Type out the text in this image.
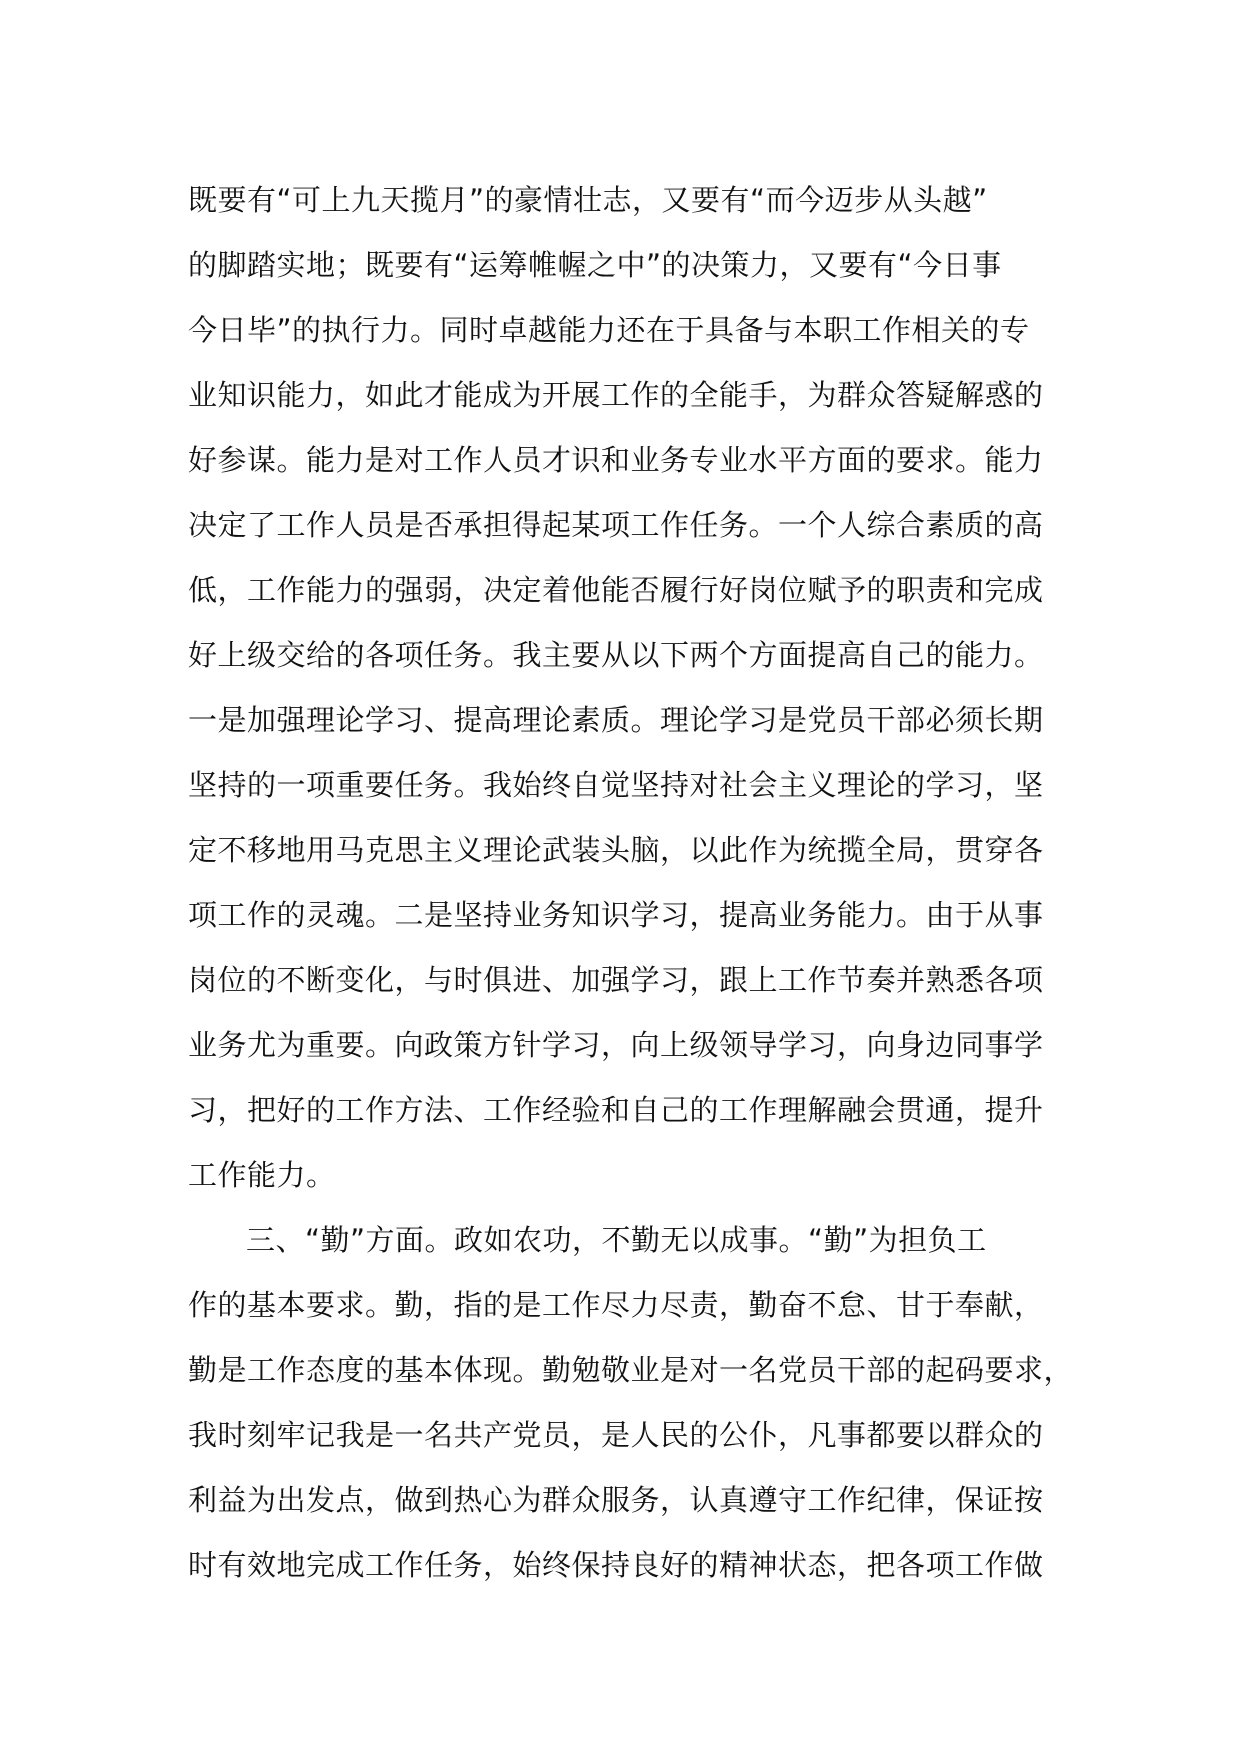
既要有“可上九天揽月”的豪情壮志，又要有“而今迈步从头越”
的脚踏实地；既要有“运筹帷幄之中”的决策力，又要有“今日事
今日毕”的执行力。同时卓越能力还在于具备与本职工作相关的专
业知识能力，如此才能成为开展工作的全能手，为群众答疑解惑的
好参谋。能力是对工作人员才识和业务专业水平方面的要求。能力
决定了工作人员是否承担得起某项工作任务。一个人综合素质的高
低，工作能力的强弱，决定着他能否履行好岗位赋予的职责和完成
好上级交给的各项任务。我主要从以下两个方面提高自己的能力。
一是加强理论学习、提高理论素质。理论学习是党员干部必须长期
坚持的一项重要任务。我始终自觉坚持对社会主义理论的学习，坚
定不移地用马克思主义理论武装头脑，以此作为统揽全局，贯穿各
项工作的灵魂。二是坚持业务知识学习，提高业务能力。由于从事
岗位的不断变化，与时俱进、加强学习，跟上工作节奏并熟悉各项
业务尤为重要。向政策方针学习，向上级领导学习，向身边同事学
习，把好的工作方法、工作经验和自己的工作理解融会贯通，提升
工作能力。
三、“勤”方面。政如农功，不勤无以成事。“勤”为担负工
作的基本要求。勤，指的是工作尽力尽责，勤奋不怠、甘于奉献，
勤是工作态度的基本体现。勤勉敬业是对一名党员干部的起码要求，
我时刻牢记我是一名共产党员，是人民的公仆，凡事都要以群众的
利益为出发点，做到热心为群众服务，认真遵守工作纪律，保证按
时有效地完成工作任务，始终保持良好的精神状态，把各项工作做
